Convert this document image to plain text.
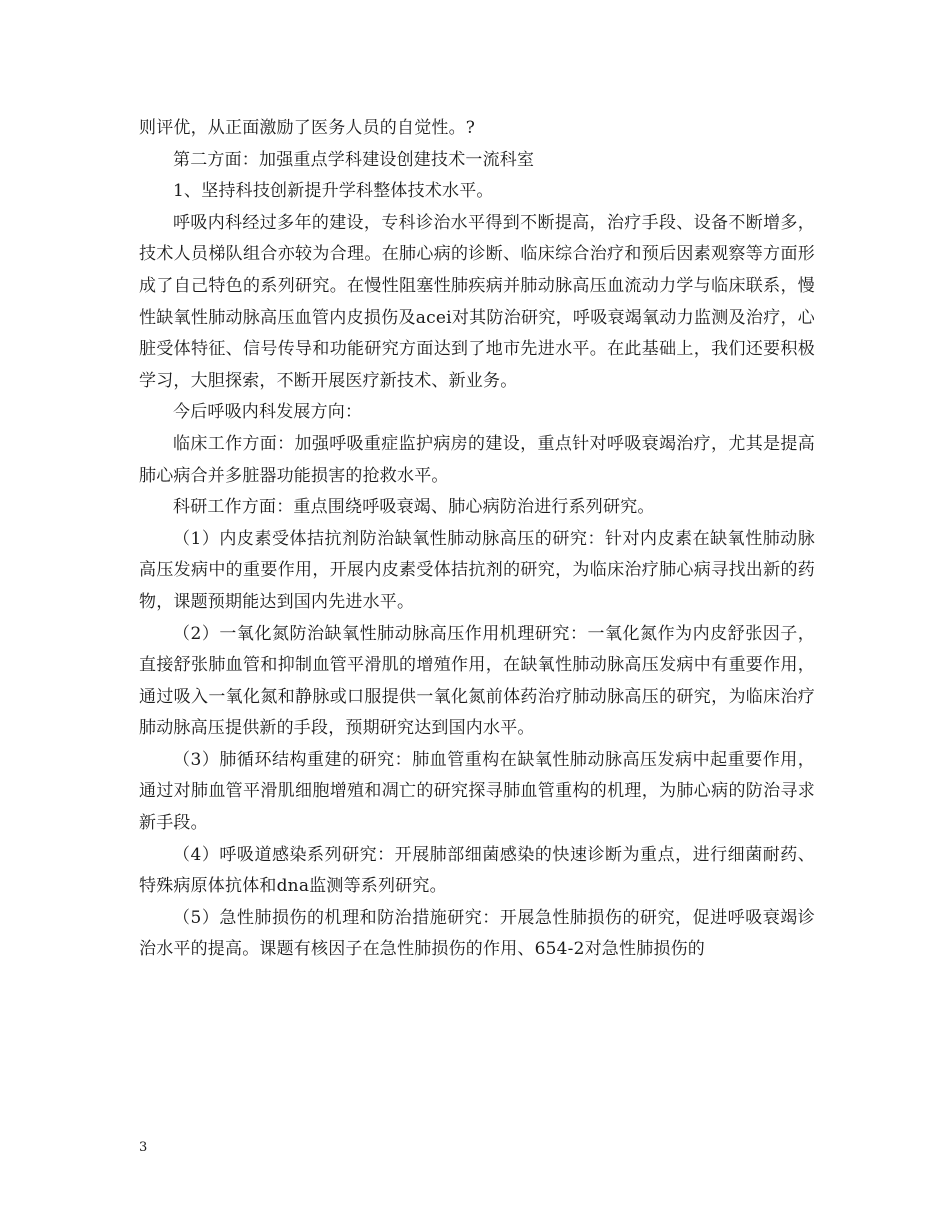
则评优，从正面激励了医务人员的自觉性。?

第二方面：加强重点学科建设创建技术一流科室

1、坚持科技创新提升学科整体技术水平。

呼吸内科经过多年的建设，专科诊治水平得到不断提高，治疗手段、设备不断增多，技术人员梯队组合亦较为合理。在肺心病的诊断、临床综合治疗和预后因素观察等方面形成了自己特色的系列研究。在慢性阻塞性肺疾病并肺动脉高压血流动力学与临床联系，慢性缺氧性肺动脉高压血管内皮损伤及acei对其防治研究，呼吸衰竭氧动力监测及治疗，心脏受体特征、信号传导和功能研究方面达到了地市先进水平。在此基础上，我们还要积极学习，大胆探索，不断开展医疗新技术、新业务。

今后呼吸内科发展方向：

临床工作方面：加强呼吸重症监护病房的建设，重点针对呼吸衰竭治疗，尤其是提高肺心病合并多脏器功能损害的抢救水平。

科研工作方面：重点围绕呼吸衰竭、肺心病防治进行系列研究。

（1）内皮素受体拮抗剂防治缺氧性肺动脉高压的研究：针对内皮素在缺氧性肺动脉高压发病中的重要作用，开展内皮素受体拮抗剂的研究，为临床治疗肺心病寻找出新的药物，课题预期能达到国内先进水平。

（2）一氧化氮防治缺氧性肺动脉高压作用机理研究：一氧化氮作为内皮舒张因子，直接舒张肺血管和抑制血管平滑肌的增殖作用，在缺氧性肺动脉高压发病中有重要作用，通过吸入一氧化氮和静脉或口服提供一氧化氮前体药治疗肺动脉高压的研究，为临床治疗肺动脉高压提供新的手段，预期研究达到国内水平。

（3）肺循环结构重建的研究：肺血管重构在缺氧性肺动脉高压发病中起重要作用，通过对肺血管平滑肌细胞增殖和凋亡的研究探寻肺血管重构的机理，为肺心病的防治寻求新手段。

（4）呼吸道感染系列研究：开展肺部细菌感染的快速诊断为重点，进行细菌耐药、特殊病原体抗体和dna监测等系列研究。

（5）急性肺损伤的机理和防治措施研究：开展急性肺损伤的研究，促进呼吸衰竭诊治水平的提高。课题有核因子在急性肺损伤的作用、654-2对急性肺损伤的

3
